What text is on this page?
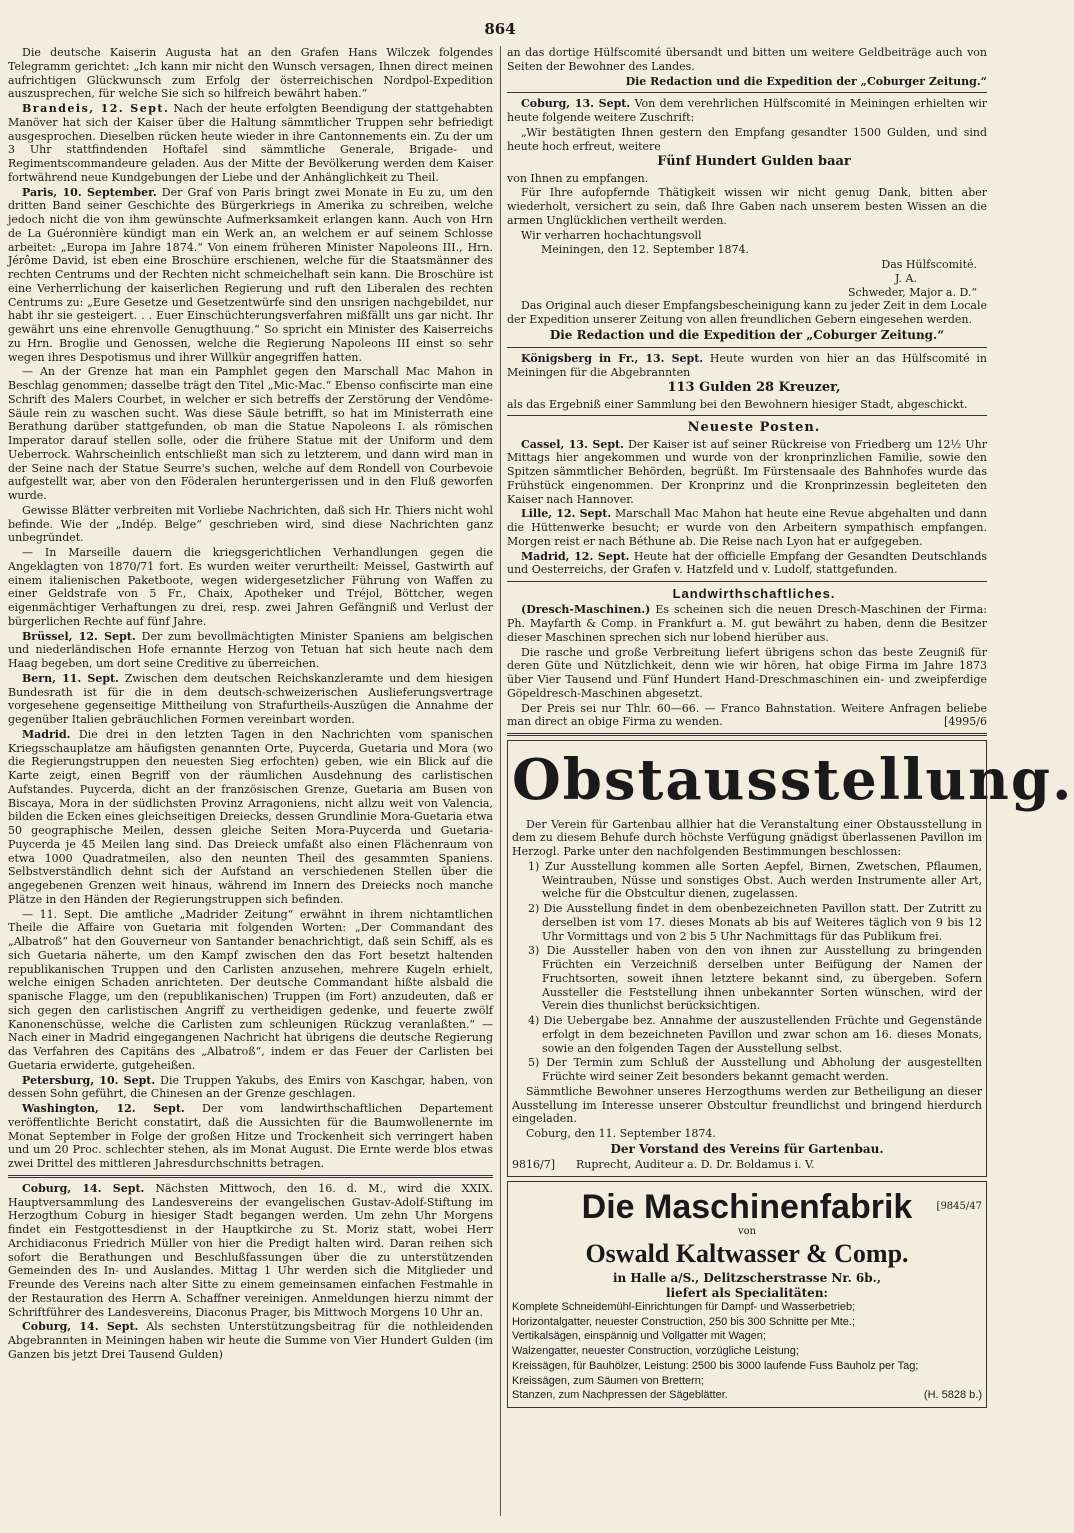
864

Die deutsche Kaiserin Augusta hat an den Grafen Hans Wilczek folgendes Telegramm gerichtet: „Ich kann mir nicht den Wunsch versagen, Ihnen direct meinen aufrichtigen Glückwunsch zum Erfolg der österreichischen Nordpol-Expedition auszusprechen, für welche Sie sich so hilfreich bewährt haben.“

Brandeis, 12. Sept. Nach der heute erfolgten Beendigung der stattgehabten Manöver hat sich der Kaiser über die Haltung sämmtlicher Truppen sehr befriedigt ausgesprochen. Dieselben rücken heute wieder in ihre Cantonnements ein. Zu der um 3 Uhr stattfindenden Hoftafel sind sämmtliche Generale, Brigade- und Regimentscommandeure geladen. Aus der Mitte der Bevölkerung werden dem Kaiser fortwährend neue Kundgebungen der Liebe und der Anhänglichkeit zu Theil.

Paris, 10. September. Der Graf von Paris bringt zwei Monate in Eu zu, um den dritten Band seiner Geschichte des Bürgerkriegs in Amerika zu schreiben, welche jedoch nicht die von ihm gewünschte Aufmerksamkeit erlangen kann. Auch von Hrn de La Guéronnière kündigt man ein Werk an, an welchem er auf seinem Schlosse arbeitet: „Europa im Jahre 1874.“ Von einem früheren Minister Napoleons III., Hrn. Jérôme David, ist eben eine Broschüre erschienen, welche für die Staatsmänner des rechten Centrums und der Rechten nicht schmeichelhaft sein kann. Die Broschüre ist eine Verherrlichung der kaiserlichen Regierung und ruft den Liberalen des rechten Centrums zu: „Eure Gesetze und Gesetzentwürfe sind den unsrigen nachgebildet, nur habt ihr sie gesteigert. . . Euer Einschüchterungsverfahren mißfällt uns gar nicht. Ihr gewährt uns eine ehrenvolle Genugthuung.“ So spricht ein Minister des Kaiserreichs zu Hrn. Broglie und Genossen, welche die Regierung Napoleons III einst so sehr wegen ihres Despotismus und ihrer Willkür angegriffen hatten.

— An der Grenze hat man ein Pamphlet gegen den Marschall Mac Mahon in Beschlag genommen; dasselbe trägt den Titel „Mic-Mac.“ Ebenso confiscirte man eine Schrift des Malers Courbet, in welcher er sich betreffs der Zerstörung der Vendôme-Säule rein zu waschen sucht. Was diese Säule betrifft, so hat im Ministerrath eine Berathung darüber stattgefunden, ob man die Statue Napoleons I. als römischen Imperator darauf stellen solle, oder die frühere Statue mit der Uniform und dem Ueberrock. Wahrscheinlich entschließt man sich zu letzterem, und dann wird man in der Seine nach der Statue Seurre's suchen, welche auf dem Rondell von Courbevoie aufgestellt war, aber von den Föderalen heruntergerissen und in den Fluß geworfen wurde.

Gewisse Blätter verbreiten mit Vorliebe Nachrichten, daß sich Hr. Thiers nicht wohl befinde. Wie der „Indép. Belge“ geschrieben wird, sind diese Nachrichten ganz unbegründet.

— In Marseille dauern die kriegsgerichtlichen Verhandlungen gegen die Angeklagten von 1870/71 fort. Es wurden weiter verurtheilt: Meissel, Gastwirth auf einem italienischen Paketboote, wegen widergesetzlicher Führung von Waffen zu einer Geldstrafe von 5 Fr., Chaix, Apotheker und Tréjol, Böttcher, wegen eigenmächtiger Verhaftungen zu drei, resp. zwei Jahren Gefängniß und Verlust der bürgerlichen Rechte auf fünf Jahre.

Brüssel, 12. Sept. Der zum bevollmächtigten Minister Spaniens am belgischen und niederländischen Hofe ernannte Herzog von Tetuan hat sich heute nach dem Haag begeben, um dort seine Creditive zu überreichen.

Bern, 11. Sept. Zwischen dem deutschen Reichskanzleramte und dem hiesigen Bundesrath ist für die in dem deutsch-schweizerischen Auslieferungsvertrage vorgesehene gegenseitige Mittheilung von Strafurtheils-Auszügen die Annahme der gegenüber Italien gebräuchlichen Formen vereinbart worden.

Madrid. Die drei in den letzten Tagen in den Nachrichten vom spanischen Kriegsschauplatze am häufigsten genannten Orte, Puycerda, Guetaria und Mora (wo die Regierungstruppen den neuesten Sieg erfochten) geben, wie ein Blick auf die Karte zeigt, einen Begriff von der räumlichen Ausdehnung des carlistischen Aufstandes. Puycerda, dicht an der französischen Grenze, Guetaria am Busen von Biscaya, Mora in der südlichsten Provinz Arragoniens, nicht allzu weit von Valencia, bilden die Ecken eines gleichseitigen Dreiecks, dessen Grundlinie Mora-Guetaria etwa 50 geographische Meilen, dessen gleiche Seiten Mora-Puycerda und Guetaria-Puycerda je 45 Meilen lang sind. Das Dreieck umfaßt also einen Flächenraum von etwa 1000 Quadratmeilen, also den neunten Theil des gesammten Spaniens. Selbstverständlich dehnt sich der Aufstand an verschiedenen Stellen über die angegebenen Grenzen weit hinaus, während im Innern des Dreiecks noch manche Plätze in den Händen der Regierungstruppen sich befinden.

— 11. Sept. Die amtliche „Madrider Zeitung“ erwähnt in ihrem nichtamtlichen Theile die Affaire von Guetaria mit folgenden Worten: „Der Commandant des „Albatroß“ hat den Gouverneur von Santander benachrichtigt, daß sein Schiff, als es sich Guetaria näherte, um den Kampf zwischen den das Fort besetzt haltenden republikanischen Truppen und den Carlisten anzusehen, mehrere Kugeln erhielt, welche einigen Schaden anrichteten. Der deutsche Commandant hißte alsbald die spanische Flagge, um den (republikanischen) Truppen (im Fort) anzudeuten, daß er sich gegen den carlistischen Angriff zu vertheidigen gedenke, und feuerte zwölf Kanonenschüsse, welche die Carlisten zum schleunigen Rückzug veranlaßten.“ — Nach einer in Madrid eingegangenen Nachricht hat übrigens die deutsche Regierung das Verfahren des Capitäns des „Albatroß“, indem er das Feuer der Carlisten bei Guetaria erwiderte, gutgeheißen.

Petersburg, 10. Sept. Die Truppen Yakubs, des Emirs von Kaschgar, haben, von dessen Sohn geführt, die Chinesen an der Grenze geschlagen.

Washington, 12. Sept. Der vom landwirthschaftlichen Departement veröffentlichte Bericht constatirt, daß die Aussichten für die Baumwollenernte im Monat September in Folge der großen Hitze und Trockenheit sich verringert haben und um 20 Proc. schlechter stehen, als im Monat August. Die Ernte werde blos etwas zwei Drittel des mittleren Jahresdurchschnitts betragen.

Coburg, 14. Sept. Nächsten Mittwoch, den 16. d. M., wird die XXIX. Hauptversammlung des Landesvereins der evangelischen Gustav-Adolf-Stiftung im Herzogthum Coburg in hiesiger Stadt begangen werden. Um zehn Uhr Morgens findet ein Festgottesdienst in der Hauptkirche zu St. Moriz statt, wobei Herr Archidiaconus Friedrich Müller von hier die Predigt halten wird. Daran reihen sich sofort die Berathungen und Beschlußfassungen über die zu unterstützenden Gemeinden des In- und Auslandes. Mittag 1 Uhr werden sich die Mitglieder und Freunde des Vereins nach alter Sitte zu einem gemeinsamen einfachen Festmahle in der Restauration des Herrn A. Schaffner vereinigen. Anmeldungen hierzu nimmt der Schriftführer des Landesvereins, Diaconus Prager, bis Mittwoch Morgens 10 Uhr an.

Coburg, 14. Sept. Als sechsten Unterstützungsbeitrag für die nothleidenden Abgebrannten in Meiningen haben wir heute die Summe von Vier Hundert Gulden (im Ganzen bis jetzt Drei Tausend Gulden)

an das dortige Hülfscomité übersandt und bitten um weitere Geldbeiträge auch von Seiten der Bewohner des Landes.

Die Redaction und die Expedition der „Coburger Zeitung.“

Coburg, 13. Sept. Von dem verehrlichen Hülfscomité in Meiningen erhielten wir heute folgende weitere Zuschrift:

„Wir bestätigten Ihnen gestern den Empfang gesandter 1500 Gulden, und sind heute hoch erfreut, weitere

Fünf Hundert Gulden baar

von Ihnen zu empfangen.

Für Ihre aufopfernde Thätigkeit wissen wir nicht genug Dank, bitten aber wiederholt, versichert zu sein, daß Ihre Gaben nach unserem besten Wissen an die armen Unglücklichen vertheilt werden.

Wir verharren hochachtungsvoll

Meiningen, den 12. September 1874.

Das Hülfscomité.
J. A.
Schweder, Major a. D.“

Das Original auch dieser Empfangsbescheinigung kann zu jeder Zeit in dem Locale der Expedition unserer Zeitung von allen freundlichen Gebern eingesehen werden.

Die Redaction und die Expedition der „Coburger Zeitung.“

Königsberg in Fr., 13. Sept. Heute wurden von hier an das Hülfscomité in Meiningen für die Abgebrannten

113 Gulden 28 Kreuzer,

als das Ergebniß einer Sammlung bei den Bewohnern hiesiger Stadt, abgeschickt.

Neueste Posten.

Cassel, 13. Sept. Der Kaiser ist auf seiner Rückreise von Friedberg um 12½ Uhr Mittags hier angekommen und wurde von der kronprinzlichen Familie, sowie den Spitzen sämmtlicher Behörden, begrüßt. Im Fürstensaale des Bahnhofes wurde das Frühstück eingenommen. Der Kronprinz und die Kronprinzessin begleiteten den Kaiser nach Hannover.

Lille, 12. Sept. Marschall Mac Mahon hat heute eine Revue abgehalten und dann die Hüttenwerke besucht; er wurde von den Arbeitern sympathisch empfangen. Morgen reist er nach Béthune ab. Die Reise nach Lyon hat er aufgegeben.

Madrid, 12. Sept. Heute hat der officielle Empfang der Gesandten Deutschlands und Oesterreichs, der Grafen v. Hatzfeld und v. Ludolf, stattgefunden.

Landwirthschaftliches.

(Dresch-Maschinen.) Es scheinen sich die neuen Dresch-Maschinen der Firma: Ph. Mayfarth & Comp. in Frankfurt a. M. gut bewährt zu haben, denn die Besitzer dieser Maschinen sprechen sich nur lobend hierüber aus.

Die rasche und große Verbreitung liefert übrigens schon das beste Zeugniß für deren Güte und Nützlichkeit, denn wie wir hören, hat obige Firma im Jahre 1873 über Vier Tausend und Fünf Hundert Hand-Dreschmaschinen ein- und zweipferdige Göpeldresch-Maschinen abgesetzt.

Der Preis sei nur Thlr. 60—66. — Franco Bahnstation. Weitere Anfragen beliebe man direct an obige Firma zu wenden.	[4995/6

Obstausstellung.

Der Verein für Gartenbau allhier hat die Veranstaltung einer Obstausstellung in dem zu diesem Behufe durch höchste Verfügung gnädigst überlassenen Pavillon im Herzogl. Parke unter den nachfolgenden Bestimmungen beschlossen:

1) Zur Ausstellung kommen alle Sorten Aepfel, Birnen, Zwetschen, Pflaumen, Weintrauben, Nüsse und sonstiges Obst. Auch werden Instrumente aller Art, welche für die Obstcultur dienen, zugelassen.

2) Die Ausstellung findet in dem obenbezeichneten Pavillon statt. Der Zutritt zu derselben ist vom 17. dieses Monats ab bis auf Weiteres täglich von 9 bis 12 Uhr Vormittags und von 2 bis 5 Uhr Nachmittags für das Publikum frei.

3) Die Aussteller haben von den von ihnen zur Ausstellung zu bringenden Früchten ein Verzeichniß derselben unter Beifügung der Namen der Fruchtsorten, soweit ihnen letztere bekannt sind, zu übergeben. Sofern Aussteller die Feststellung ihnen unbekannter Sorten wünschen, wird der Verein dies thunlichst berücksichtigen.

4) Die Uebergabe bez. Annahme der auszustellenden Früchte und Gegenstände erfolgt in dem bezeichneten Pavillon und zwar schon am 16. dieses Monats, sowie an den folgenden Tagen der Ausstellung selbst.

5) Der Termin zum Schluß der Ausstellung und Abholung der ausgestellten Früchte wird seiner Zeit besonders bekannt gemacht werden.

Sämmtliche Bewohner unseres Herzogthums werden zur Betheiligung an dieser Ausstellung im Interesse unserer Obstcultur freundlichst und bringend hierdurch eingeladen.

Coburg, den 11. September 1874.

Der Vorstand des Vereins für Gartenbau.

9816/7] Ruprecht, Auditeur a. D. Dr. Boldamus i. V.

Die Maschinenfabrik	[9845/47
von
Oswald Kaltwasser & Comp.
in Halle a/S., Delitzscherstrasse Nr. 6b.,
liefert als Specialitäten:

Komplete Schneidemühl-Einrichtungen für Dampf- und Wasserbetrieb;

Horizontalgatter, neuester Construction, 250 bis 300 Schnitte per Mte.;

Vertikalsägen, einspännig und Vollgatter mit Wagen;

Walzengatter, neuester Construction, vorzügliche Leistung;

Kreissägen, für Bauhölzer, Leistung: 2500 bis 3000 laufende Fuss Bauholz per Tag;

Kreissägen, zum Säumen von Brettern;

Stanzen, zum Nachpressen der Sägeblätter.	(H. 5828 b.)
